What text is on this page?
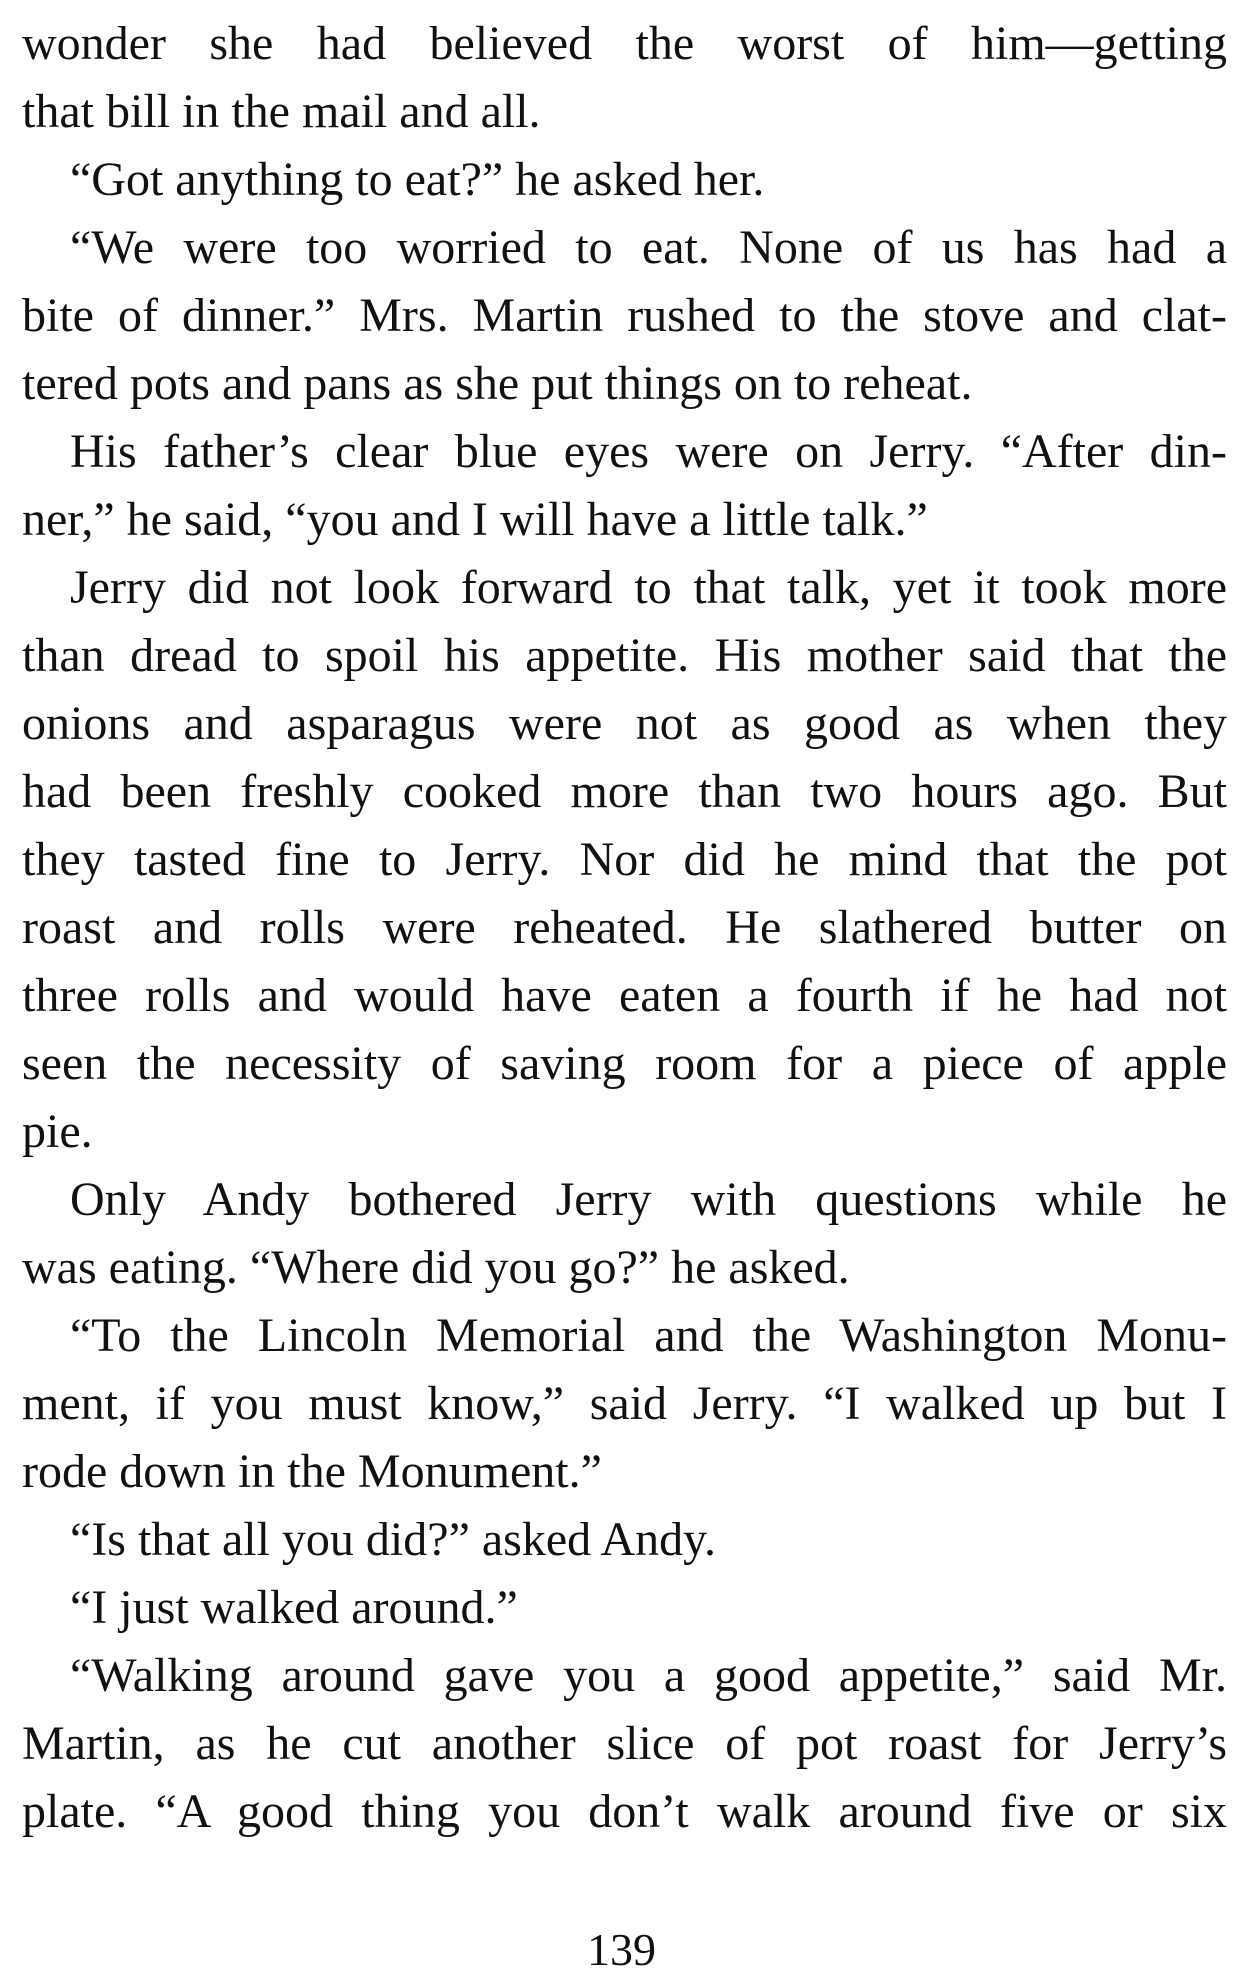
wonder she had believed the worst of him—getting
that bill in the mail and all.
“Got anything to eat?” he asked her.
“We were too worried to eat. None of us has had a
bite of dinner.” Mrs. Martin rushed to the stove and clat-
tered pots and pans as she put things on to reheat.
His father’s clear blue eyes were on Jerry. “After din-
ner,” he said, “you and I will have a little talk.”
Jerry did not look forward to that talk, yet it took more
than dread to spoil his appetite. His mother said that the
onions and asparagus were not as good as when they
had been freshly cooked more than two hours ago. But
they tasted fine to Jerry. Nor did he mind that the pot
roast and rolls were reheated. He slathered butter on
three rolls and would have eaten a fourth if he had not
seen the necessity of saving room for a piece of apple
pie.
Only Andy bothered Jerry with questions while he
was eating. “Where did you go?” he asked.
“To the Lincoln Memorial and the Washington Monu-
ment, if you must know,” said Jerry. “I walked up but I
rode down in the Monument.”
“Is that all you did?” asked Andy.
“I just walked around.”
“Walking around gave you a good appetite,” said Mr.
Martin, as he cut another slice of pot roast for Jerry’s
plate. “A good thing you don’t walk around five or six
139
